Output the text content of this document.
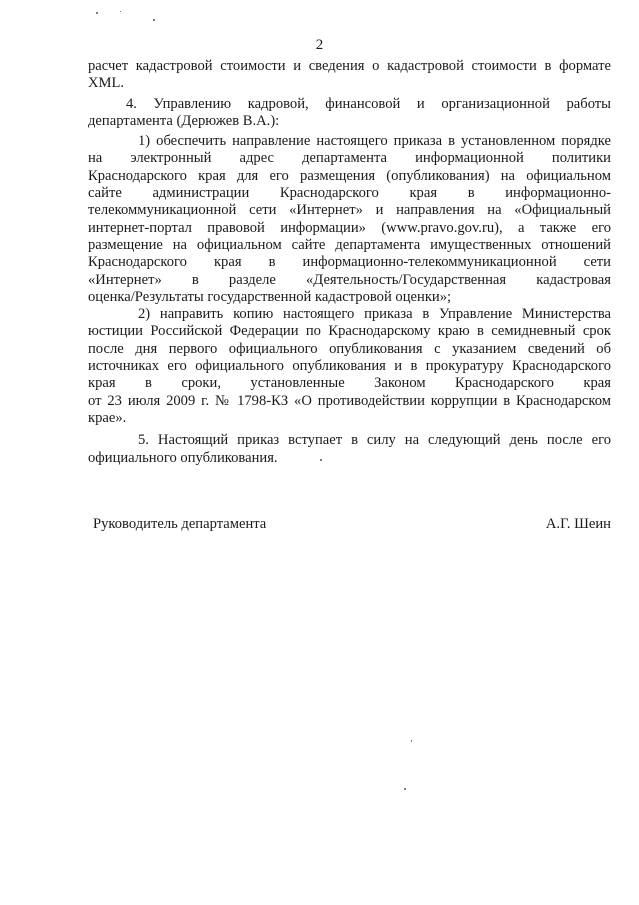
2
расчет кадастровой стоимости и сведения о кадастровой стоимости в формате
XML.
4. Управлению кадровой, финансовой и организационной работы
департамента (Дерюжев В.А.):
1) обеспечить направление настоящего приказа в установленном порядке
на электронный адрес департамента информационной политики
Краснодарского края для его размещения (опубликования) на официальном
сайте администрации Краснодарского края в информационно-
телекоммуникационной сети «Интернет» и направления на «Официальный
интернет-портал правовой информации» (www.pravo.gov.ru), а также его
размещение на официальном сайте департамента имущественных отношений
Краснодарского края в информационно-телекоммуникационной сети
«Интернет» в разделе «Деятельность/Государственная кадастровая
оценка/Результаты государственной кадастровой оценки»;
2) направить копию настоящего приказа в Управление Министерства
юстиции Российской Федерации по Краснодарскому краю в семидневный срок
после дня первого официального опубликования с указанием сведений об
источниках его официального опубликования и в прокуратуру Краснодарского
края в сроки, установленные Законом Краснодарского края
от 23 июля 2009 г. № 1798-КЗ «О противодействии коррупции в Краснодарском
крае».
5. Настоящий приказ вступает в силу на следующий день после его
официального опубликования.
Руководитель департамента	А.Г. Шеин
